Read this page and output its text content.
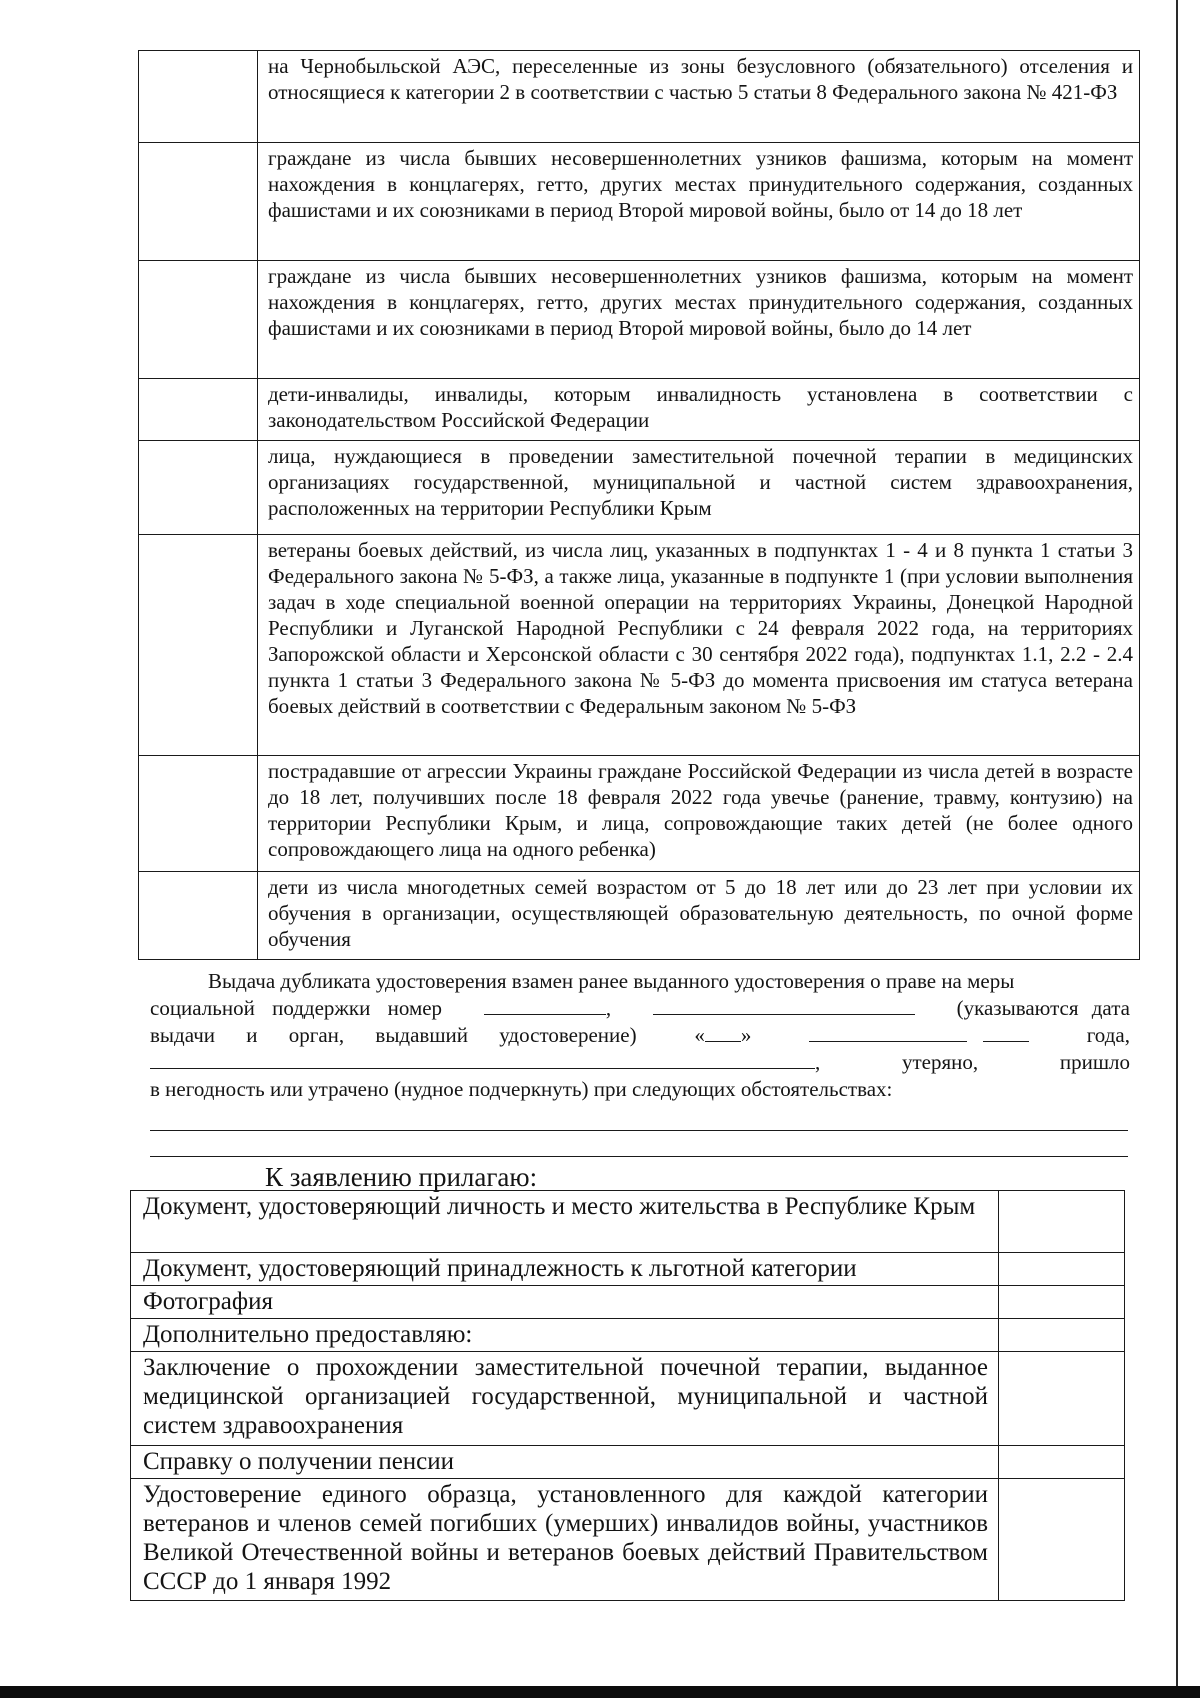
	на Чернобыльской АЭС, переселенные из зоны безусловного (обязательного) отселения и относящиеся к категории 2 в соответствии с частью 5 статьи 8 Федерального закона № 421-ФЗ
	граждане из числа бывших несовершеннолетних узников фашизма, которым на момент нахождения в концлагерях, гетто, других местах принудительного содержания, созданных фашистами и их союзниками в период Второй мировой войны, было от 14 до 18 лет
	граждане из числа бывших несовершеннолетних узников фашизма, которым на момент нахождения в концлагерях, гетто, других местах принудительного содержания, созданных фашистами и их союзниками в период Второй мировой войны, было до 14 лет
	дети-инвалиды, инвалиды, которым инвалидность установлена в соответствии с законодательством Российской Федерации
	лица, нуждающиеся в проведении заместительной почечной терапии в медицинских организациях государственной, муниципальной и частной систем здравоохранения, расположенных на территории Республики Крым
	ветераны боевых действий, из числа лиц, указанных в подпунктах 1 - 4 и 8 пункта 1 статьи 3 Федерального закона № 5-ФЗ, а также лица, указанные в подпункте 1 (при условии выполнения задач в ходе специальной военной операции на территориях Украины, Донецкой Народной Республики и Луганской Народной Республики с 24 февраля 2022 года, на территориях Запорожской области и Херсонской области с 30 сентября 2022 года), подпунктах 1.1, 2.2 - 2.4 пункта 1 статьи 3 Федерального закона № 5-ФЗ до момента присвоения им статуса ветерана боевых действий в соответствии с Федеральным законом № 5-ФЗ
	пострадавшие от агрессии Украины граждане Российской Федерации из числа детей в возрасте до 18 лет, получивших после 18 февраля 2022 года увечье (ранение, травму, контузию) на территории Республики Крым, и лица, сопровождающие таких детей (не более одного сопровождающего лица на одного ребенка)
	дети из числа многодетных семей возрастом от 5 до 18 лет или до 23 лет при условии их обучения в организации, осуществляющей образовательную деятельность, по очной форме обучения
Выдача дубликата удостоверения взамен ранее выданного удостоверения о праве на меры
социальной поддержки номер	,	(указываются дата
выдачи и орган, выдавший удостоверение)	« »
	года,
,	утеряно,	пришло
в негодность или утрачено (нудное подчеркнуть) при следующих обстоятельствах:
К заявлению прилагаю:
Документ, удостоверяющий личность и место жительства в Республике Крым	
Документ, удостоверяющий принадлежность к льготной категории	
Фотография	
Дополнительно предоставляю:	
Заключение о прохождении заместительной почечной терапии, выданное медицинской организацией государственной, муниципальной и частной систем здравоохранения	
Справку о получении пенсии	
Удостоверение единого образца, установленного для каждой категории ветеранов и членов семей погибших (умерших) инвалидов войны, участников Великой Отечественной войны и ветеранов боевых действий Правительством СССР до 1 января 1992	
